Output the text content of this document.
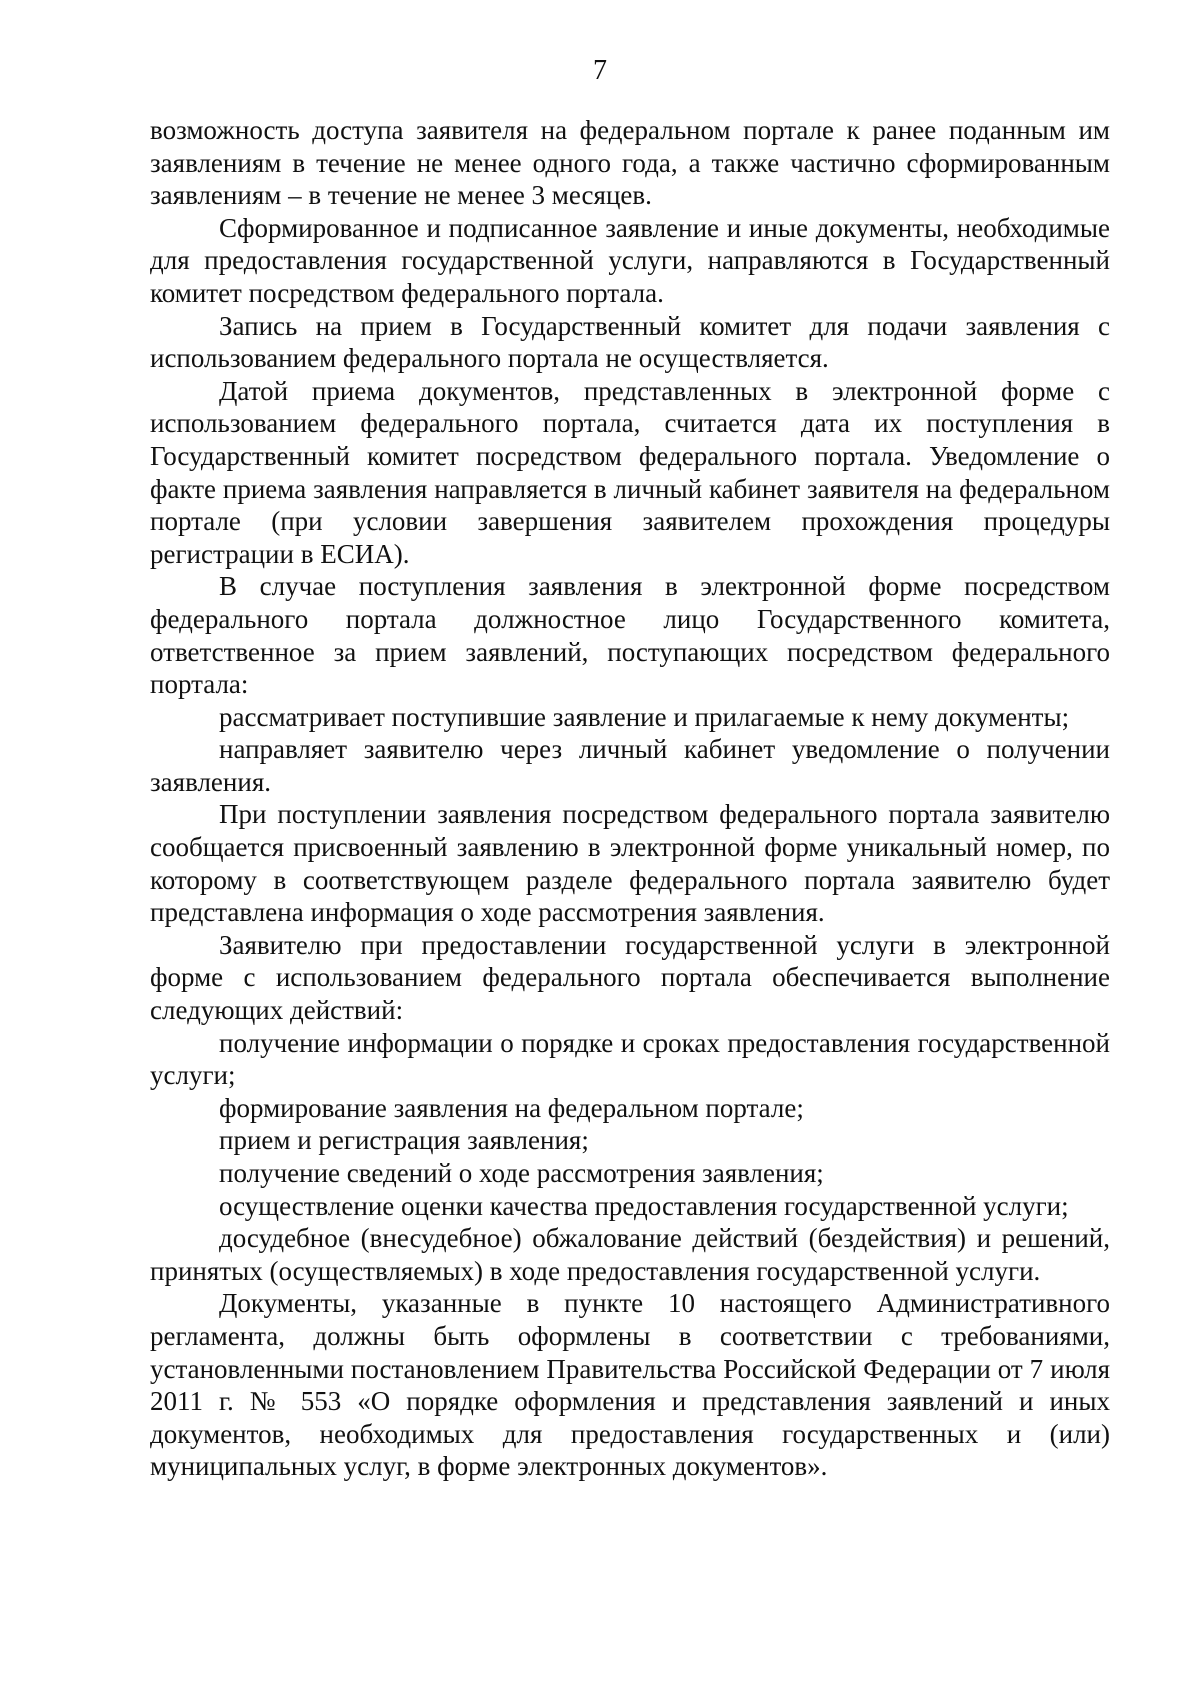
7

возможность доступа заявителя на федеральном портале к ранее поданным им заявлениям в течение не менее одного года, а также частично сформированным заявлениям – в течение не менее 3 месяцев.

Сформированное и подписанное заявление и иные документы, необходимые для предоставления государственной услуги, направляются в Государственный комитет посредством федерального портала.

Запись на прием в Государственный комитет для подачи заявления с использованием федерального портала не осуществляется.

Датой приема документов, представленных в электронной форме с использованием федерального портала, считается дата их поступления в Государственный комитет посредством федерального портала. Уведомление о факте приема заявления направляется в личный кабинет заявителя на федеральном портале (при условии завершения заявителем прохождения процедуры регистрации в ЕСИА).

В случае поступления заявления в электронной форме посредством федерального портала должностное лицо Государственного комитета, ответственное за прием заявлений, поступающих посредством федерального портала:

рассматривает поступившие заявление и прилагаемые к нему документы;

направляет заявителю через личный кабинет уведомление о получении заявления.

При поступлении заявления посредством федерального портала заявителю сообщается присвоенный заявлению в электронной форме уникальный номер, по которому в соответствующем разделе федерального портала заявителю будет представлена информация о ходе рассмотрения заявления.

Заявителю при предоставлении государственной услуги в электронной форме с использованием федерального портала обеспечивается выполнение следующих действий:

получение информации о порядке и сроках предоставления государственной услуги;

формирование заявления на федеральном портале;

прием и регистрация заявления;

получение сведений о ходе рассмотрения заявления;

осуществление оценки качества предоставления государственной услуги;

досудебное (внесудебное) обжалование действий (бездействия) и решений, принятых (осуществляемых) в ходе предоставления государственной услуги.

Документы, указанные в пункте 10 настоящего Административного регламента, должны быть оформлены в соответствии с требованиями, установленными постановлением Правительства Российской Федерации от 7 июля 2011 г. № 553 «О порядке оформления и представления заявлений и иных документов, необходимых для предоставления государственных и (или) муниципальных услуг, в форме электронных документов».
